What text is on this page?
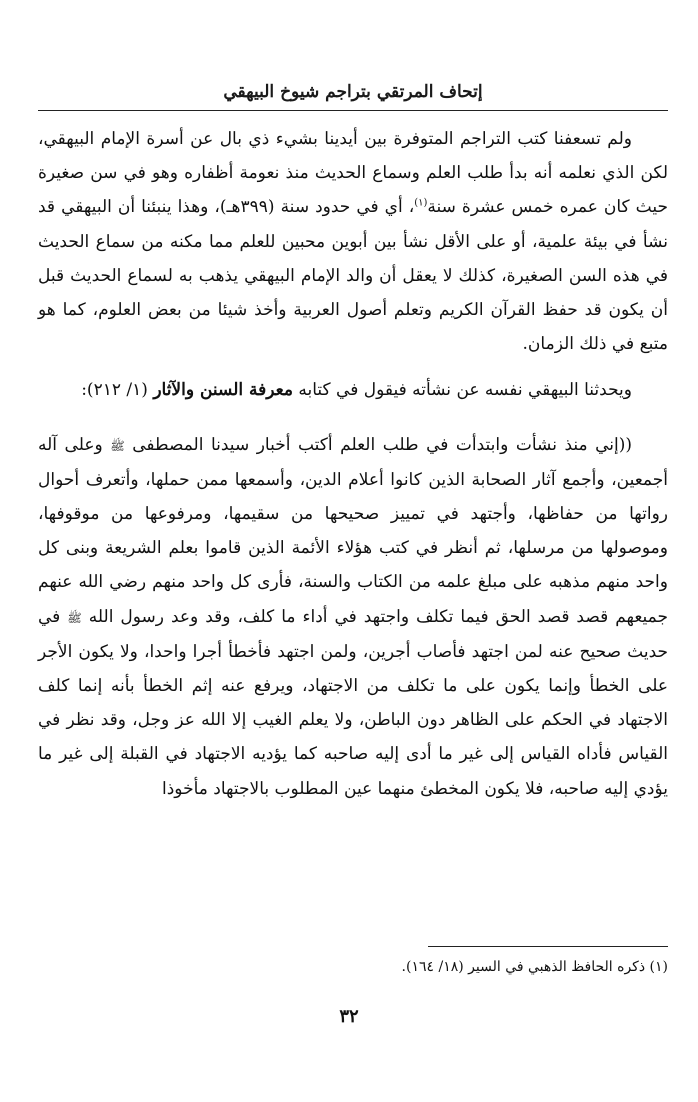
إتحاف المرتقي بتراجم شيوخ البيهقي

ولم تسعفنا كتب التراجم المتوفرة بين أيدينا بشيء ذي بال عن أسرة الإمام البيهقي، لكن الذي نعلمه أنه بدأ طلب العلم وسماع الحديث منذ نعومة أظفاره وهو في سن صغيرة حيث كان عمره خمس عشرة سنة$^{(١)}$، أي في حدود سنة (٣٩٩هـ)، وهذا ينبئنا أن البيهقي قد نشأ في بيئة علمية، أو على الأقل نشأ بين أبوين محبين للعلم مما مكنه من سماع الحديث في هذه السن الصغيرة، كذلك لا يعقل أن والد الإمام البيهقي يذهب به لسماع الحديث قبل أن يكون قد حفظ القرآن الكريم وتعلم أصول العربية وأخذ شيئا من بعض العلوم، كما هو متبع في ذلك الزمان.

ويحدثنا البيهقي نفسه عن نشأته فيقول في كتابه معرفة السنن والآثار (١/ ٢١٢):

((إني منذ نشأت وابتدأت في طلب العلم أكتب أخبار سيدنا المصطفى ﷺ وعلى آله أجمعين، وأجمع آثار الصحابة الذين كانوا أعلام الدين، وأسمعها ممن حملها، وأتعرف أحوال رواتها من حفاظها، وأجتهد في تمييز صحيحها من سقيمها، ومرفوعها من موقوفها، وموصولها من مرسلها، ثم أنظر في كتب هؤلاء الأئمة الذين قاموا بعلم الشريعة وبنى كل واحد منهم مذهبه على مبلغ علمه من الكتاب والسنة، فأرى كل واحد منهم رضي الله عنهم جميعهم قصد قصد الحق فيما تكلف واجتهد في أداء ما كلف، وقد وعد رسول الله ﷺ في حديث صحيح عنه لمن اجتهد فأصاب أجرين، ولمن اجتهد فأخطأ أجرا واحدا، ولا يكون الأجر على الخطأ وإنما يكون على ما تكلف من الاجتهاد، ويرفع عنه إثم الخطأ بأنه إنما كلف الاجتهاد في الحكم على الظاهر دون الباطن، ولا يعلم الغيب إلا الله عز وجل، وقد نظر في القياس فأداه القياس إلى غير ما أدى إليه صاحبه كما يؤديه الاجتهاد في القبلة إلى غير ما يؤدي إليه صاحبه، فلا يكون المخطئ منهما عين المطلوب بالاجتهاد مأخوذا

(١) ذكره الحافظ الذهبي في السير (١٨/ ١٦٤).
٣٢
